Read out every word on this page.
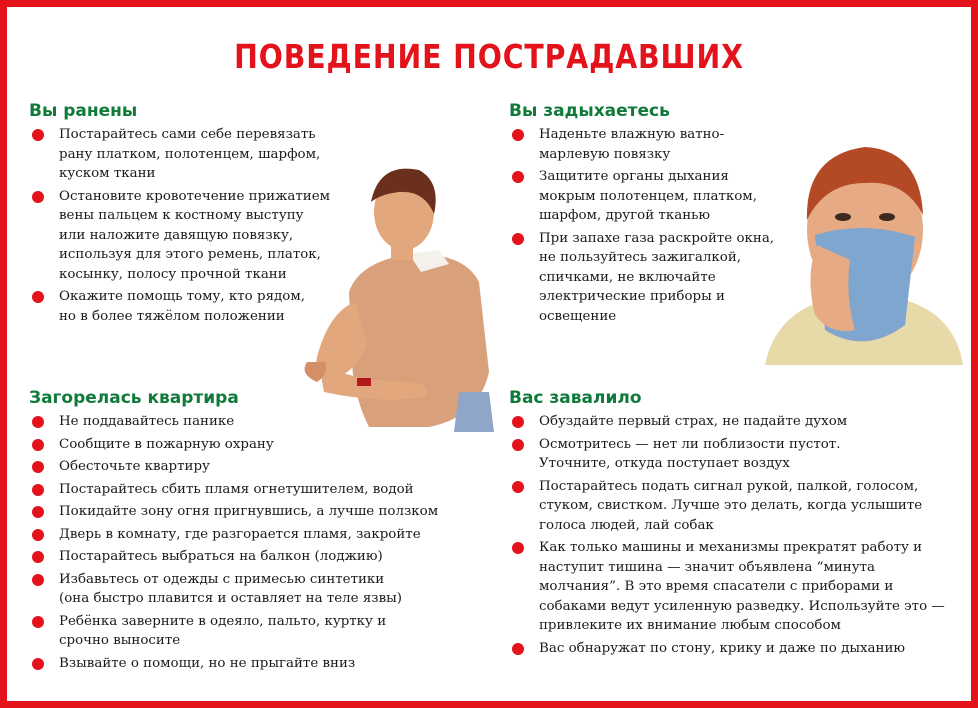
ПОВЕДЕНИЕ ПОСТРАДАВШИХ
Вы ранены
Постарайтесь сами себе перевязать
рану платком, полотенцем, шарфом,
куском ткани
Остановите кровотечение прижатием
вены пальцем к костному выступу
или наложите давящую повязку,
используя для этого ремень, платок,
косынку, полосу прочной ткани
Окажите помощь тому, кто рядом,
но в более тяжёлом положении
Вы задыхаетесь
Наденьте влажную ватно-
марлевую повязку
Защитите органы дыхания
мокрым полотенцем, платком,
шарфом, другой тканью
При запахе газа раскройте окна,
не пользуйтесь зажигалкой,
спичками, не включайте
электрические приборы и
освещение
Загорелась квартира
Не поддавайтесь панике
Сообщите в пожарную охрану
Обесточьте квартиру
Постарайтесь сбить пламя огнетушителем, водой
Покидайте зону огня пригнувшись, а лучше ползком
Дверь в комнату, где разгорается пламя, закройте
Постарайтесь выбраться на балкон (лоджию)
Избавьтесь от одежды с примесью синтетики
(она быстро плавится и оставляет на теле язвы)
Ребёнка заверните в одеяло, пальто, куртку и
срочно выносите
Взывайте о помощи, но не прыгайте вниз
Вас завалило
Обуздайте первый страх, не падайте духом
Осмотритесь — нет ли поблизости пустот.
Уточните, откуда поступает воздух
Постарайтесь подать сигнал рукой, палкой, голосом,
стуком, свистком. Лучше это делать, когда услышите
голоса людей, лай собак
Как только машины и механизмы прекратят работу и
наступит тишина — значит объявлена “минута
молчания”. В это время спасатели с приборами и
собаками ведут усиленную разведку. Используйте это —
привлеките их внимание любым способом
Вас обнаружат по стону, крику и даже по дыханию
